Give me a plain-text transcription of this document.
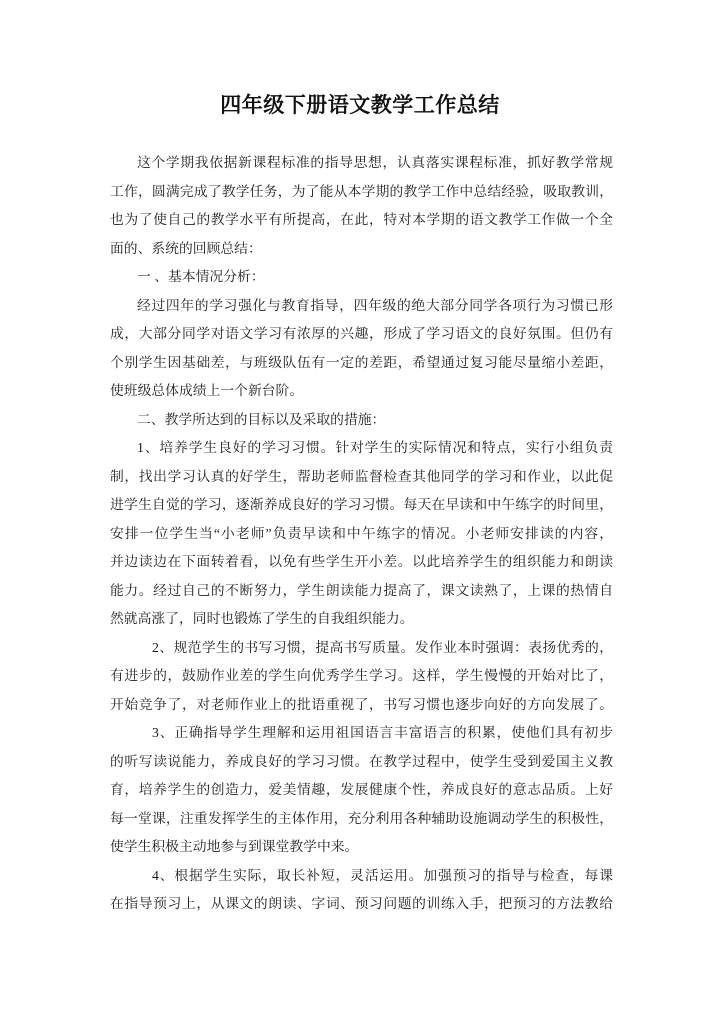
四年级下册语文教学工作总结
这个学期我依据新课程标准的指导思想，认真落实课程标准，抓好教学常规
工作，圆满完成了教学任务，为了能从本学期的教学工作中总结经验，吸取教训，
也为了使自己的教学水平有所提高，在此，特对本学期的语文教学工作做一个全
面的、系统的回顾总结：
一 、基本情况分析：
经过四年的学习强化与教育指导，四年级的绝大部分同学各项行为习惯已形
成，大部分同学对语文学习有浓厚的兴趣，形成了学习语文的良好氛围。但仍有
个别学生因基础差，与班级队伍有一定的差距，希望通过复习能尽量缩小差距，
使班级总体成绩上一个新台阶。
二、教学所达到的目标以及采取的措施：
1、培养学生良好的学习习惯。针对学生的实际情况和特点，实行小组负责
制，找出学习认真的好学生，帮助老师监督检查其他同学的学习和作业，以此促
进学生自觉的学习，逐渐养成良好的学习习惯。每天在早读和中午练字的时间里，
安排一位学生当“小老师”负责早读和中午练字的情况。小老师安排读的内容，
并边读边在下面转着看，以免有些学生开小差。以此培养学生的组织能力和朗读
能力。经过自己的不断努力，学生朗读能力提高了，课文读熟了，上课的热情自
然就高涨了，同时也锻炼了学生的自我组织能力。
2、规范学生的书写习惯，提高书写质量。发作业本时强调：表扬优秀的，
有进步的，鼓励作业差的学生向优秀学生学习。这样，学生慢慢的开始对比了，
开始竞争了，对老师作业上的批语重视了，书写习惯也逐步向好的方向发展了。
3、正确指导学生理解和运用祖国语言丰富语言的积累，使他们具有初步
的听写读说能力，养成良好的学习习惯。在教学过程中，使学生受到爱国主义教
育，培养学生的创造力，爱美情趣，发展健康个性，养成良好的意志品质。上好
每一堂课，注重发挥学生的主体作用，充分利用各种辅助设施调动学生的积极性，
使学生积极主动地参与到课堂教学中来。
4、根据学生实际，取长补短，灵活运用。加强预习的指导与检查，每课
在指导预习上，从课文的朗读、字词、预习问题的训练入手，把预习的方法教给
